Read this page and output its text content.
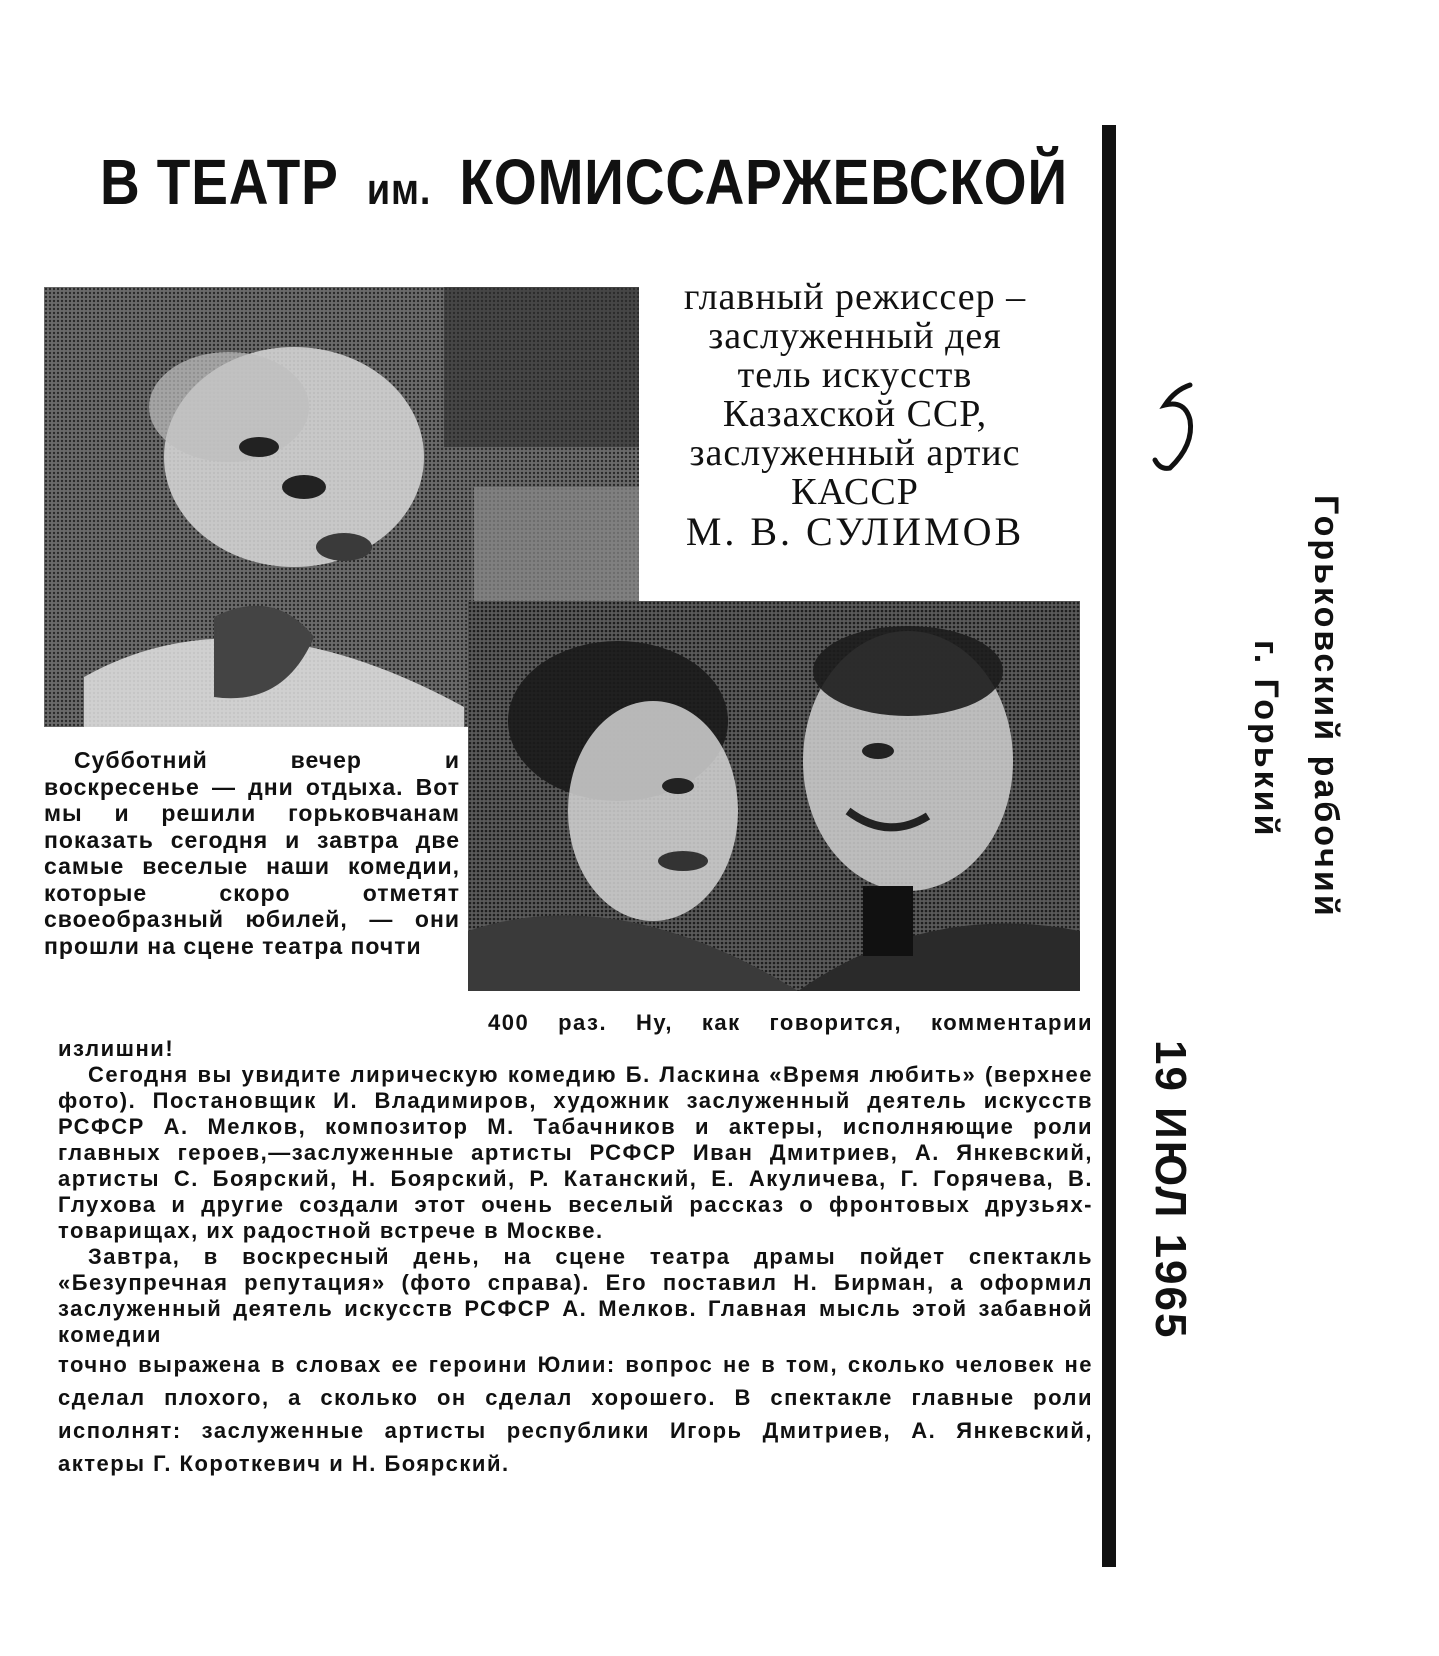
В ТЕАТР им. КОМИССАРЖЕВСКОЙ
главный режиссер –
заслуженный дея
тель искусств
Казахской ССР,
заслуженный артис
КАССР
М. В. СУЛИМОВ
Субботний вечер и воскресенье — дни отдыха. Вот мы и решили горьковчанам показать сегодня и завтра две самые веселые наши комедии, которые скоро отметят своеобразный юбилей, — они прошли на сцене театра почти

400 раз. Ну, как говорится, комментарии излишни!

Сегодня вы увидите лирическую комедию Б. Ласкина «Время любить» (верхнее фото). Постановщик И. Владимиров, художник заслуженный деятель искусств РСФСР А. Мелков, композитор М. Табачников и актеры, исполняющие роли главных героев,—заслуженные артисты РСФСР Иван Дмитриев, А. Янкевский, артисты С. Боярский, Н. Боярский, Р. Катанский, Е. Акуличева, Г. Горячева, В. Глухова и другие создали этот очень веселый рассказ о фронтовых друзьях-товарищах, их радостной встрече в Москве.

Завтра, в воскресный день, на сцене театра драмы пойдет спектакль «Безупречная репутация» (фото справа). Его поставил Н. Бирман, а оформил заслуженный деятель искусств РСФСР А. Мелков. Главная мысль этой забавной комедии

точно выражена в словах ее героини Юлии: вопрос не в том, сколько человек не сделал плохого, а сколько он сделал хорошего. В спектакле главные роли исполнят: заслуженные артисты республики Игорь Дмитриев, А. Янкевский, актеры Г. Короткевич и Н. Боярский.

19 ИЮЛ 1965
Горьковский рабочий
г. Горький
